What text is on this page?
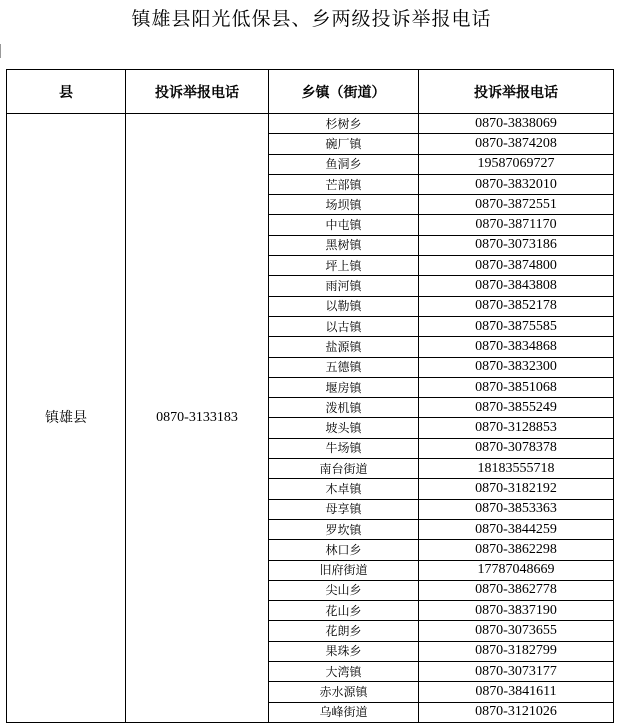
镇雄县阳光低保县、乡两级投诉举报电话
县	投诉举报电话	乡镇（街道）	投诉举报电话
镇雄县	0870-3133183	杉树乡	0870-3838069
		碗厂镇	0870-3874208
		鱼洞乡	19587069727
		芒部镇	0870-3832010
		场坝镇	0870-3872551
		中屯镇	0870-3871170
		黑树镇	0870-3073186
		坪上镇	0870-3874800
		雨河镇	0870-3843808
		以勒镇	0870-3852178
		以古镇	0870-3875585
		盐源镇	0870-3834868
		五德镇	0870-3832300
		堰房镇	0870-3851068
		泼机镇	0870-3855249
		坡头镇	0870-3128853
		牛场镇	0870-3078378
		南台街道	18183555718
		木卓镇	0870-3182192
		母享镇	0870-3853363
		罗坎镇	0870-3844259
		林口乡	0870-3862298
		旧府街道	17787048669
		尖山乡	0870-3862778
		花山乡	0870-3837190
		花朗乡	0870-3073655
		果珠乡	0870-3182799
		大湾镇	0870-3073177
		赤水源镇	0870-3841611
		乌峰街道	0870-3121026
